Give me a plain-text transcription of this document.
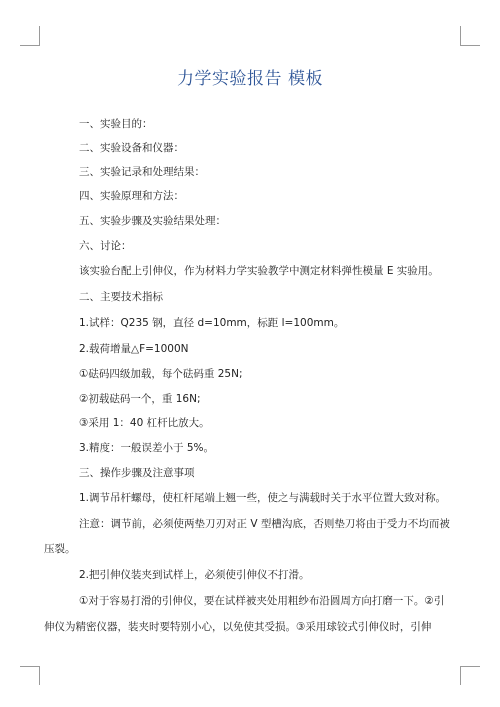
力学实验报告 模板
一、实验目的：
二、实验设备和仪器：
三、实验记录和处理结果：
四、实验原理和方法：
五、实验步骤及实验结果处理：
六、讨论：
该实验台配上引伸仪，作为材料力学实验教学中测定材料弹性模量 E 实验用。
二、主要技术指标
1.试样：Q235 钢，直径 d=10mm，标距 l=100mm。
2.载荷增量△F=1000N
①砝码四级加载，每个砝码重 25N;
②初载砝码一个，重 16N;
③采用 1：40 杠杆比放大。
3.精度：一般误差小于 5%。
三、操作步骤及注意事项
1.调节吊杆螺母，使杠杆尾端上翘一些，使之与满载时关于水平位置大致对称。
注意：调节前，必须使两垫刀刃对正 V 型槽沟底，否则垫刀将由于受力不均而被
压裂。
2.把引伸仪装夹到试样上，必须使引伸仪不打滑。
①对于容易打滑的引伸仪，要在试样被夹处用粗纱布沿圆周方向打磨一下。②引
伸仪为精密仪器，装夹时要特别小心，以免使其受损。③采用球铰式引伸仪时，引伸
